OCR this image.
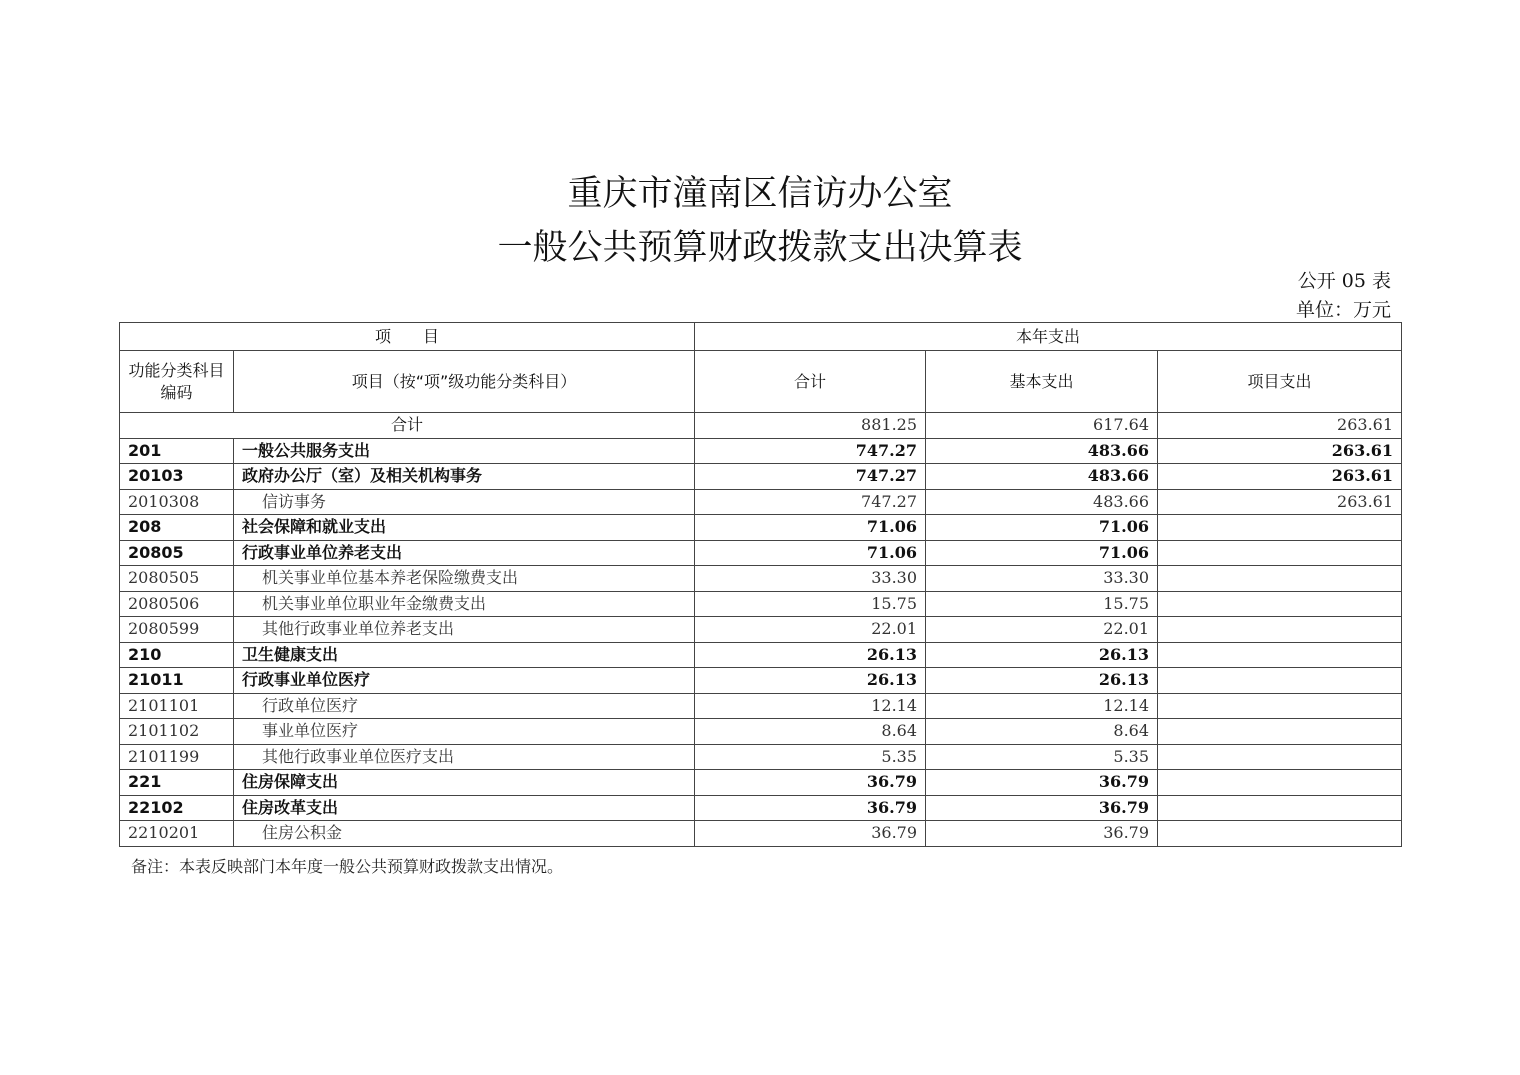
重庆市潼南区信访办公室
一般公共预算财政拨款支出决算表
公开 05 表
单位：万元
项　　目		本年支出		
功能分类科目编码	项目（按“项”级功能分类科目）	合计	基本支出	项目支出
合计		881.25	617.64	263.61
201	一般公共服务支出	747.27	483.66	263.61
20103	政府办公厅（室）及相关机构事务	747.27	483.66	263.61
2010308	信访事务	747.27	483.66	263.61
208	社会保障和就业支出	71.06	71.06	
20805	行政事业单位养老支出	71.06	71.06	
2080505	机关事业单位基本养老保险缴费支出	33.30	33.30	
2080506	机关事业单位职业年金缴费支出	15.75	15.75	
2080599	其他行政事业单位养老支出	22.01	22.01	
210	卫生健康支出	26.13	26.13	
21011	行政事业单位医疗	26.13	26.13	
2101101	行政单位医疗	12.14	12.14	
2101102	事业单位医疗	8.64	8.64	
2101199	其他行政事业单位医疗支出	5.35	5.35	
221	住房保障支出	36.79	36.79	
22102	住房改革支出	36.79	36.79	
2210201	住房公积金	36.79	36.79	
备注：本表反映部门本年度一般公共预算财政拨款支出情况。
